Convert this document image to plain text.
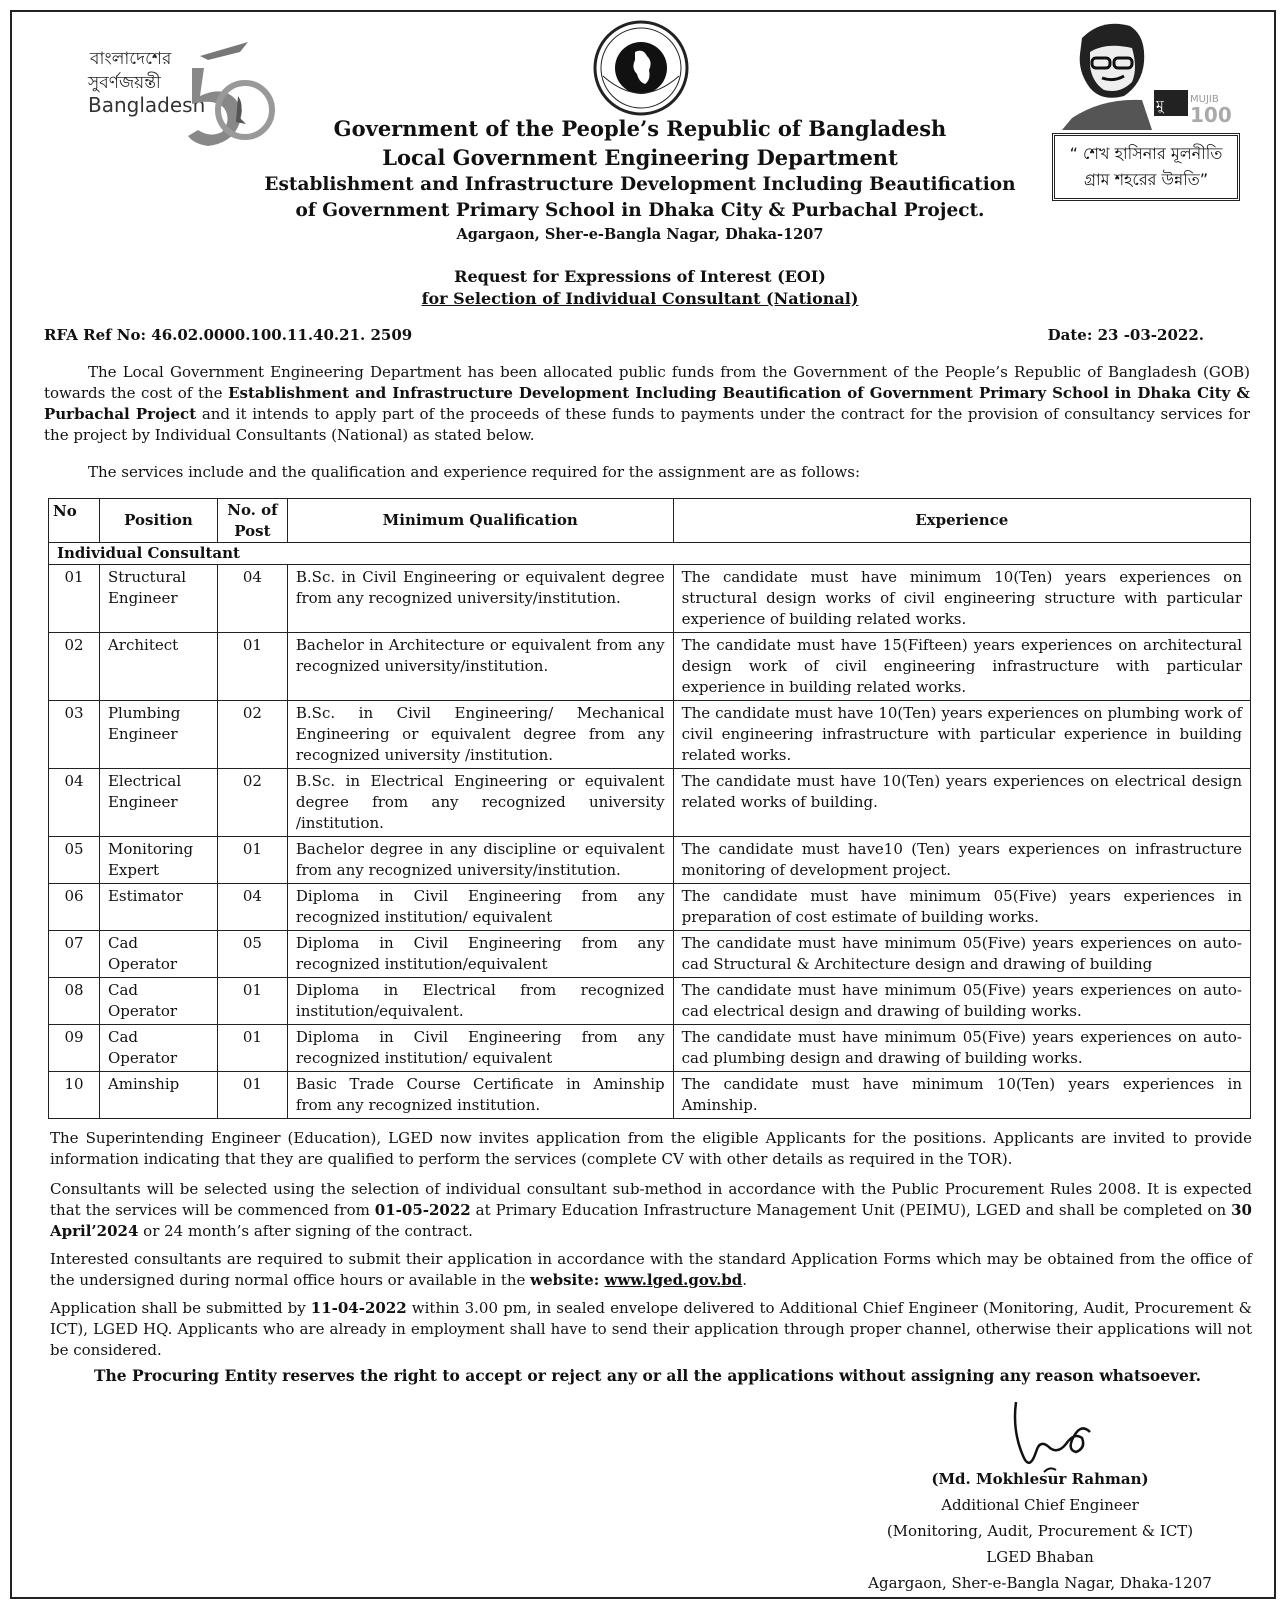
বাংলাদেশের
সুবর্ণজয়ন্তী
Bangladesh	মু	MUJIB
100
“ শেখ হাসিনার মূলনীতি
গ্রাম শহরের উন্নতি”
Government of the People’s Republic of Bangladesh
Local Government Engineering Department
Establishment and Infrastructure Development Including Beautification
of Government Primary School in Dhaka City & Purbachal Project.
Agargaon, Sher-e-Bangla Nagar, Dhaka-1207
Request for Expressions of Interest (EOI)
for Selection of Individual Consultant (National)
RFA Ref No: 46.02.0000.100.11.40.21. 2509	Date: 23 -03-2022.
The Local Government Engineering Department has been allocated public funds from the Government of the People’s Republic of Bangladesh (GOB) towards the cost of the Establishment and Infrastructure Development Including Beautification of Government Primary School in Dhaka City & Purbachal Project and it intends to apply part of the proceeds of these funds to payments under the contract for the provision of consultancy services for the project by Individual Consultants (National) as stated below.
The services include and the qualification and experience required for the assignment are as follows:
No	Position	No. of Post	Minimum Qualification	Experience
Individual Consultant				
01	Structural Engineer	04	B.Sc. in Civil Engineering or equivalent degree from any recognized university/institution.	The candidate must have minimum 10(Ten) years experiences on structural design works of civil engineering structure with particular experience of building related works.
02	Architect	01	Bachelor in Architecture or equivalent from any recognized university/institution.	The candidate must have 15(Fifteen) years experiences on architectural design work of civil engineering infrastructure with particular experience in building related works.
03	Plumbing Engineer	02	B.Sc. in Civil Engineering/ Mechanical Engineering or equivalent degree from any recognized university /institution.	The candidate must have 10(Ten) years experiences on plumbing work of civil engineering infrastructure with particular experience in building related works.
04	Electrical Engineer	02	B.Sc. in Electrical Engineering or equivalent degree from any recognized university /institution.	The candidate must have 10(Ten) years experiences on electrical design related works of building.
05	Monitoring Expert	01	Bachelor degree in any discipline or equivalent from any recognized university/institution.	The candidate must have10 (Ten) years experiences on infrastructure monitoring of development project.
06	Estimator	04	Diploma in Civil Engineering from any recognized institution/ equivalent	The candidate must have minimum 05(Five) years experiences in preparation of cost estimate of building works.
07	Cad Operator	05	Diploma in Civil Engineering from any recognized institution/equivalent	The candidate must have minimum 05(Five) years experiences on auto-cad Structural & Architecture design and drawing of building
08	Cad Operator	01	Diploma in Electrical from recognized institution/equivalent.	The candidate must have minimum 05(Five) years experiences on auto-cad electrical design and drawing of building works.
09	Cad Operator	01	Diploma in Civil Engineering from any recognized institution/ equivalent	The candidate must have minimum 05(Five) years experiences on auto-cad plumbing design and drawing of building works.
10	Aminship	01	Basic Trade Course Certificate in Aminship from any recognized institution.	The candidate must have minimum 10(Ten) years experiences in Aminship.
The Superintending Engineer (Education), LGED now invites application from the eligible Applicants for the positions. Applicants are invited to provide information indicating that they are qualified to perform the services (complete CV with other details as required in the TOR).
Consultants will be selected using the selection of individual consultant sub-method in accordance with the Public Procurement Rules 2008. It is expected that the services will be commenced from 01-05-2022 at Primary Education Infrastructure Management Unit (PEIMU), LGED and shall be completed on 30 April’2024 or 24 month’s after signing of the contract.
Interested consultants are required to submit their application in accordance with the standard Application Forms which may be obtained from the office of the undersigned during normal office hours or available in the website: www.lged.gov.bd.
Application shall be submitted by 11-04-2022 within 3.00 pm, in sealed envelope delivered to Additional Chief Engineer (Monitoring, Audit, Procurement & ICT), LGED HQ. Applicants who are already in employment shall have to send their application through proper channel, otherwise their applications will not be considered.
The Procuring Entity reserves the right to accept or reject any or all the applications without assigning any reason whatsoever.
(Md. Mokhlesur Rahman)
Additional Chief Engineer
(Monitoring, Audit, Procurement & ICT)
LGED Bhaban
Agargaon, Sher-e-Bangla Nagar, Dhaka-1207
